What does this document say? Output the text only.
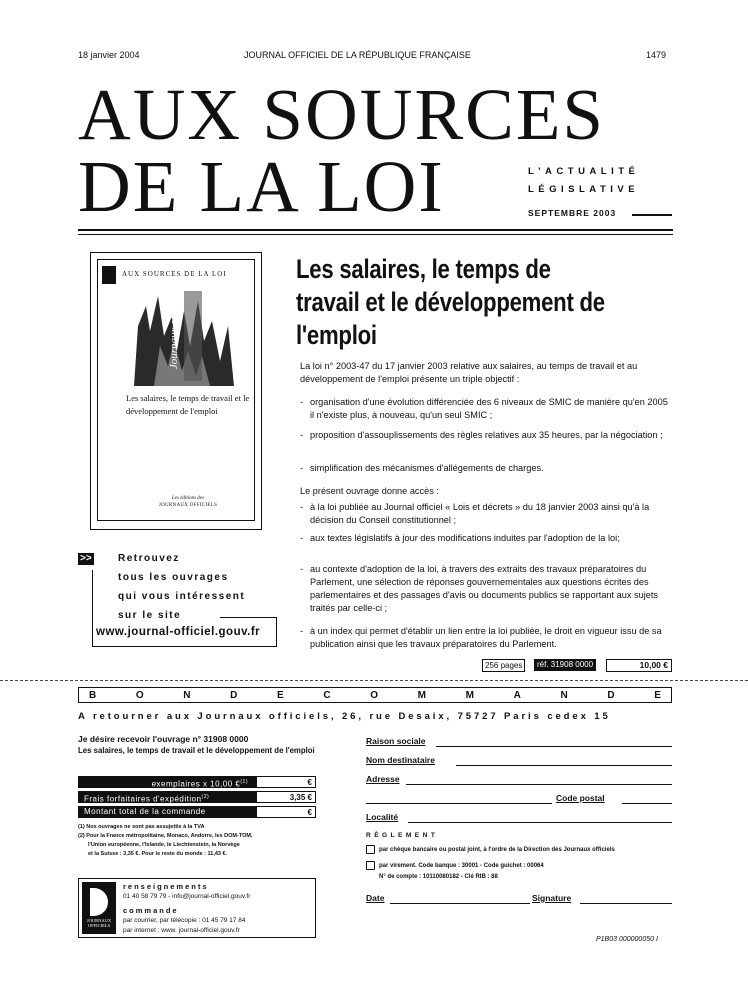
18 janvier 2004	JOURNAL OFFICIEL DE LA RÉPUBLIQUE FRANÇAISE	1479
AUX SOURCES
DE LA LOI	L'ACTUALITÉ
LÉGISLATIVE
SEPTEMBRE 2003
AUX SOURCES DE LA LOI
Journaux officiels
Les salaires, le temps de travail et le développement de l'emploi
Les éditions des
JOURNAUX OFFICIELS
Les salaires, le temps de travail et le développement de l'emploi
La loi n° 2003-47 du 17 janvier 2003 relative aux salaires, au temps de travail et au développement de l'emploi présente un triple objectif :
- organisation d'une évolution différenciée des 6 niveaux de SMIC de manière qu'en 2005 il n'existe plus, à nouveau, qu'un seul SMIC ;
- proposition d'assouplissements des règles relatives aux 35 heures, par la négociation ;
- simplification des mécanismes d'allégements de charges.
Le présent ouvrage donne accès :
- à la loi publiée au Journal officiel « Lois et décrets » du 18 janvier 2003 ainsi qu'à la décision du Conseil constitutionnel ;
- aux textes législatifs à jour des modifications induites par l'adoption de la loi;
- au contexte d'adoption de la loi, à travers des extraits des travaux préparatoires du Parlement, une sélection de réponses gouvernementales aux questions écrites des parlementaires et des passages d'avis ou documents publics se rapportant aux sujets traités par celle-ci ;
- à un index qui permet d'établir un lien entre la loi publiée, le droit en vigueur issu de sa publication ainsi que les travaux préparatoires du Parlement.
256 pages	réf. 31908 0000	10,00 €
>>	Retrouvez
tous les ouvrages
qui vous intéressent
sur le site
www.journal-officiel.gouv.fr
B	O	N	D	E	C	O	M	M	A	N	D	E
A retourner aux Journaux officiels, 26, rue Desaix, 75727 Paris cedex 15
Je désire recevoir l'ouvrage n° 31908 0000
Les salaires, le temps de travail et le développement de l'emploi
exemplaires x 10,00 €$^{(1)}$	€
Frais forfaitaires d'expédition$^{(2)}$	3,35 €
Montant total de la commande	€
(1) Nos ouvrages ne sont pas assujettis à la TVA
(2) Pour la France métropolitaine, Monaco, Andorre, les DOM-TOM,
l'Union européenne, l'Islande, le Liechtenstein, la Norvège
et la Suisse : 3,35 €. Pour le reste du monde : 11,43 €.
JOURNAUX OFFICIELS
renseignements
01 40 58 79 79 - info@journal-officiel.gouv.fr
commande
par courrier, par télécopie : 01 45 79 17 84
par internet : www. journal-officiel.gouv.fr
Raison sociale
Nom destinataire
Adresse
Code postal
Localité
RÈGLEMENT
par chèque bancaire ou postal joint, à l'ordre de la Direction des Journaux officiels
par virement. Code banque : 30001 - Code guichet : 00064
N° de compte : 10110080182 - Clé RIB : 88
Date	Signature
P1B03 000000050 I
